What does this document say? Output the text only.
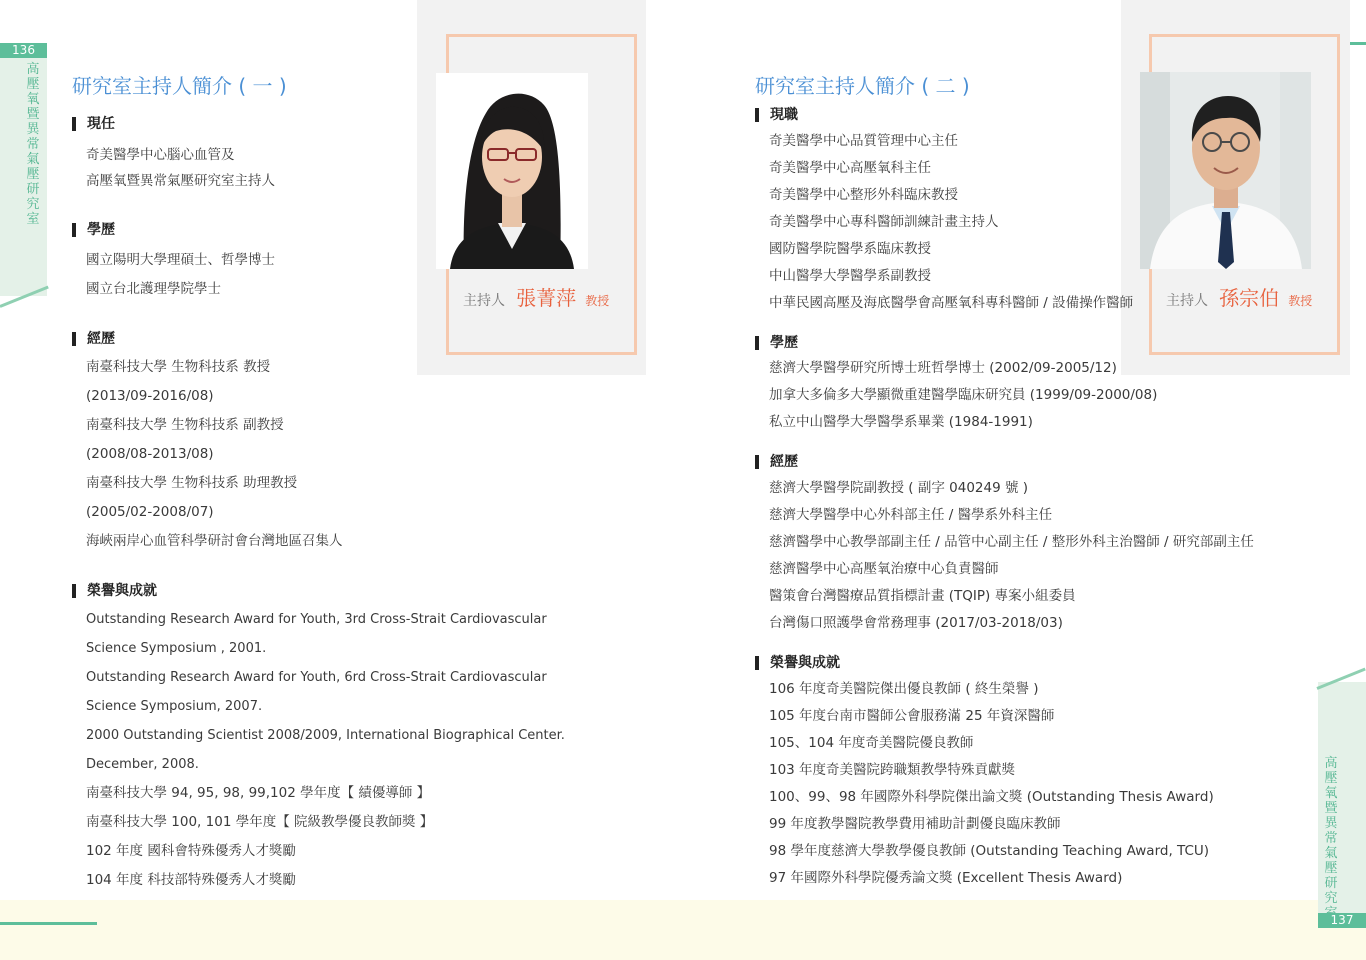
136
高壓氧暨異常氣壓研究室
主持人 張菁萍 教授
研究室主持人簡介 ( 一 )
現任
奇美醫學中心腦心血管及
高壓氧暨異常氣壓研究室主持人
學歷
國立陽明大學理碩士、哲學博士
國立台北護理學院學士
經歷
南臺科技大學 生物科技系 教授
(2013/09-2016/08)
南臺科技大學 生物科技系 副教授
(2008/08-2013/08)
南臺科技大學 生物科技系 助理教授
(2005/02-2008/07)
海峽兩岸心血管科學研討會台灣地區召集人
榮譽與成就
Outstanding Research Award for Youth, 3rd Cross-Strait Cardiovascular
Science Symposium , 2001.
Outstanding Research Award for Youth, 6rd Cross-Strait Cardiovascular
Science Symposium, 2007.
2000 Outstanding Scientist 2008/2009, International Biographical Center.
December, 2008.
南臺科技大學 94, 95, 98, 99,102 學年度【 績優導師 】
南臺科技大學 100, 101 學年度【 院級教學優良教師獎 】
102 年度 國科會特殊優秀人才獎勵
104 年度 科技部特殊優秀人才獎勵
高壓氧暨異常氣壓研究
137
主持人 孫宗伯 教授
研究室主持人簡介 ( 二 )
現職
奇美醫學中心品質管理中心主任
奇美醫學中心高壓氧科主任
奇美醫學中心整形外科臨床教授
奇美醫學中心專科醫師訓練計畫主持人
國防醫學院醫學系臨床教授
中山醫學大學醫學系副教授
中華民國高壓及海底醫學會高壓氧科專科醫師 / 設備操作醫師
學歷
慈濟大學醫學研究所博士班哲學博士 (2002/09-2005/12)
加拿大多倫多大學顯微重建醫學臨床研究員 (1999/09-2000/08)
私立中山醫學大學醫學系畢業 (1984-1991)
經歷
慈濟大學醫學院副教授 ( 副字 040249 號 )
慈濟大學醫學中心外科部主任 / 醫學系外科主任
慈濟醫學中心教學部副主任 / 品管中心副主任 / 整形外科主治醫師 / 研究部副主任
慈濟醫學中心高壓氧治療中心負責醫師
醫策會台灣醫療品質指標計畫 (TQIP) 專案小組委員
台灣傷口照護學會常務理事 (2017/03-2018/03)
榮譽與成就
106 年度奇美醫院傑出優良教師 ( 終生榮譽 )
105 年度台南市醫師公會服務滿 25 年資深醫師
105、104 年度奇美醫院優良教師
103 年度奇美醫院跨職類教學特殊貢獻獎
100、99、98 年國際外科學院傑出論文獎 (Outstanding Thesis Award)
99 年度教學醫院教學費用補助計劃優良臨床教師
98 學年度慈濟大學教學優良教師 (Outstanding Teaching Award, TCU)
97 年國際外科學院優秀論文獎 (Excellent Thesis Award)
